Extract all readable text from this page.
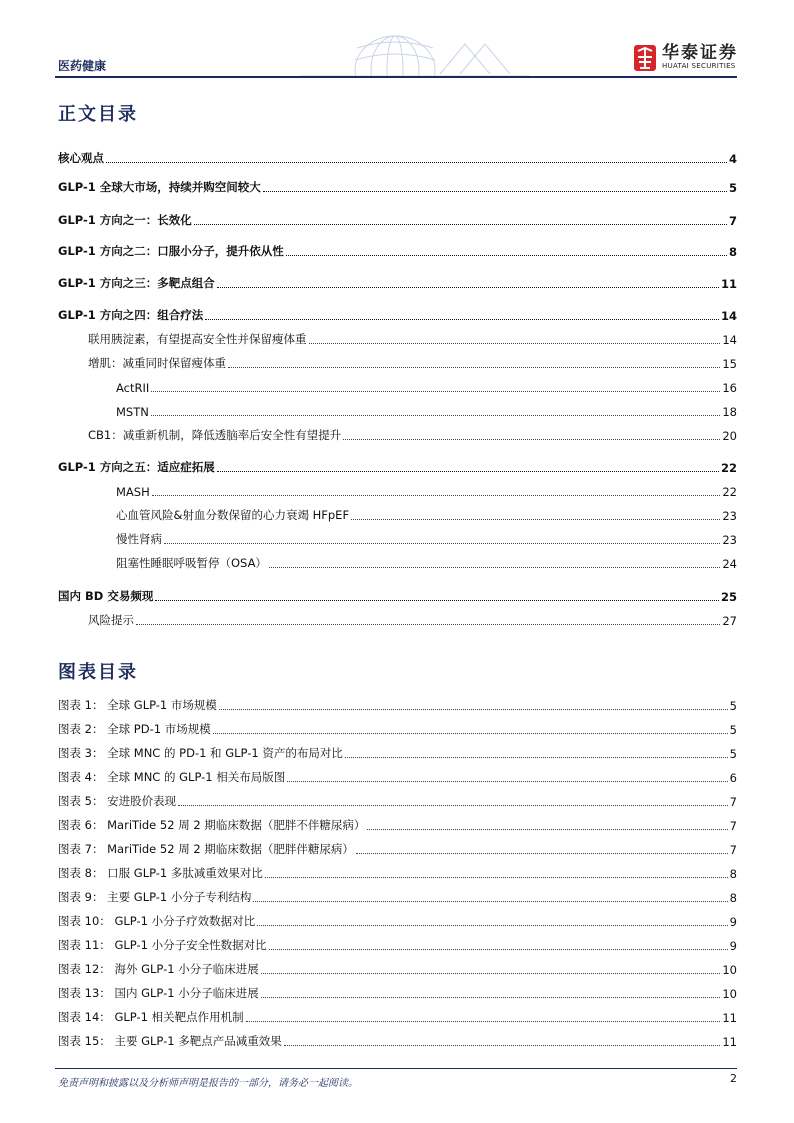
医药健康
华泰证券
HUATAI SECURITIES
正文目录
核心观点	4
GLP-1 全球大市场，持续并购空间较大	5
GLP-1 方向之一：长效化	7
GLP-1 方向之二：口服小分子，提升依从性	8
GLP-1 方向之三：多靶点组合	11
GLP-1 方向之四：组合疗法	14
联用胰淀素，有望提高安全性并保留瘦体重	14
增肌：减重同时保留瘦体重	15
ActRII	16
MSTN	18
CB1：减重新机制，降低透脑率后安全性有望提升	20
GLP-1 方向之五：适应症拓展	22
MASH	22
心血管风险&射血分数保留的心力衰竭 HFpEF	23
慢性肾病	23
阻塞性睡眠呼吸暂停（OSA）	24
国内 BD 交易频现	25
风险提示	27
图表目录
图表 1： 全球 GLP-1 市场规模	5
图表 2： 全球 PD-1 市场规模	5
图表 3： 全球 MNC 的 PD-1 和 GLP-1 资产的布局对比	5
图表 4： 全球 MNC 的 GLP-1 相关布局版图	6
图表 5： 安进股价表现	7
图表 6： MariTide 52 周 2 期临床数据（肥胖不伴糖尿病）	7
图表 7： MariTide 52 周 2 期临床数据（肥胖伴糖尿病）	7
图表 8： 口服 GLP-1 多肽减重效果对比	8
图表 9： 主要 GLP-1 小分子专利结构	8
图表 10： GLP-1 小分子疗效数据对比	9
图表 11： GLP-1 小分子安全性数据对比	9
图表 12： 海外 GLP-1 小分子临床进展	10
图表 13： 国内 GLP-1 小分子临床进展	10
图表 14： GLP-1 相关靶点作用机制	11
图表 15： 主要 GLP-1 多靶点产品减重效果	11
免责声明和披露以及分析师声明是报告的一部分，请务必一起阅读。	2
